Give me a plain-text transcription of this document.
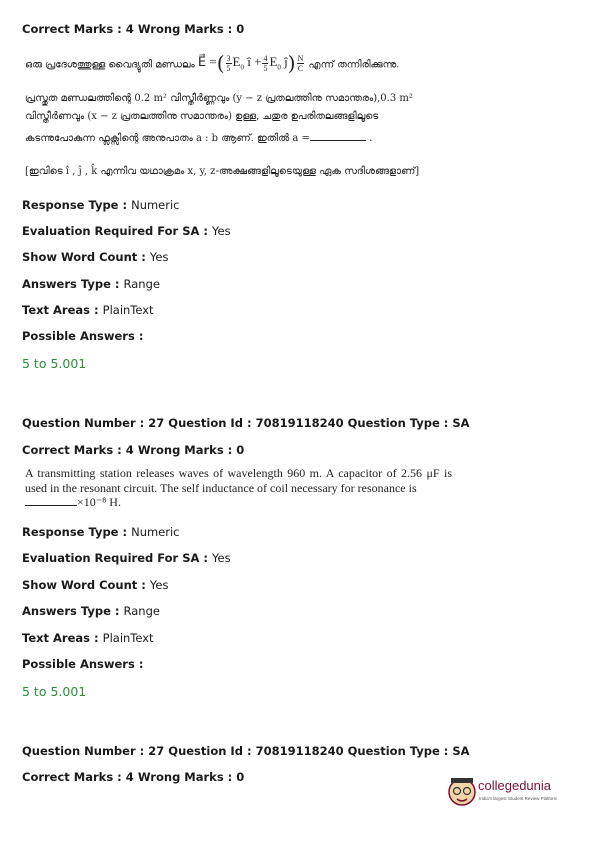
Correct Marks : 4 Wrong Marks : 0
ഒരു പ്രദേശത്തുള്ള വൈദ്യുതി മണ്ഡലം E⃗ =( $\frac{3}{5} E_0$ î + $\frac{4}{5} E_0$ ĵ) $\frac{N}{C}$ എന്ന് തന്നിരിക്കുന്നു.
പ്രസ്തുത മണ്ഡലത്തിന്റെ 0.2 m² വിസ്തീർണ്ണവും (y − z പ്രതലത്തിനു സമാന്തരം),0.3 m²
വിസ്തീർണവും (x − z പ്രതലത്തിനു സമാന്തരം) ഉള്ള, ചതുര ഉപരിതലങ്ങളിലൂടെ
കടന്നുപോകുന്ന ഫ്ലക്സിന്റെ അനുപാതം a : b ആണ്. ഇതിൽ a =	.
[ഇവിടെ î , ĵ , k̂ എന്നിവ യഥാക്രമം x, y, z-അക്ഷങ്ങളിലൂടെയുള്ള ഏക സദിശങ്ങളാണ്]
Response Type : Numeric
Evaluation Required For SA : Yes
Show Word Count : Yes
Answers Type : Range
Text Areas : PlainText
Possible Answers :
5 to 5.001
Question Number : 27 Question Id : 70819118240 Question Type : SA
Correct Marks : 4 Wrong Marks : 0
A transmitting station releases waves of wavelength 960 m. A capacitor of 2.56 μF is used in the resonant circuit. The self inductance of coil necessary for resonance is
×10⁻⁸ H.
Response Type : Numeric
Evaluation Required For SA : Yes
Show Word Count : Yes
Answers Type : Range
Text Areas : PlainText
Possible Answers :
5 to 5.001
Question Number : 27 Question Id : 70819118240 Question Type : SA
Correct Marks : 4 Wrong Marks : 0
collegedunia
India's largest Student Review Platform
